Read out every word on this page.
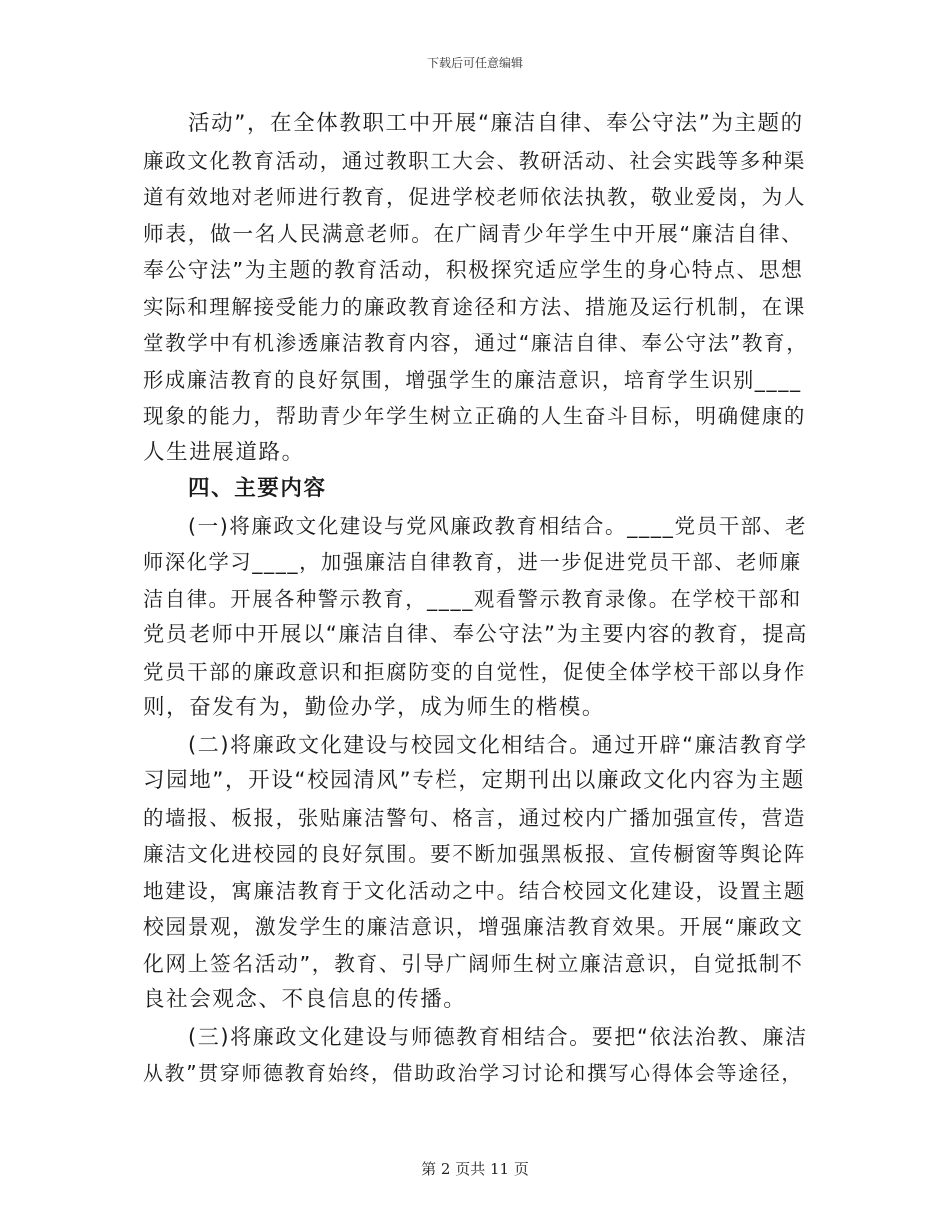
下载后可任意编辑
活动”，在全体教职工中开展“廉洁自律、奉公守法”为主题的
廉政文化教育活动，通过教职工大会、教研活动、社会实践等多种渠
道有效地对老师进行教育，促进学校老师依法执教，敬业爱岗，为人
师表，做一名人民满意老师。在广阔青少年学生中开展“廉洁自律、
奉公守法”为主题的教育活动，积极探究适应学生的身心特点、思想
实际和理解接受能力的廉政教育途径和方法、措施及运行机制，在课
堂教学中有机渗透廉洁教育内容，通过“廉洁自律、奉公守法”教育，
形成廉洁教育的良好氛围，增强学生的廉洁意识，培育学生识别____
现象的能力，帮助青少年学生树立正确的人生奋斗目标，明确健康的
人生进展道路。
四、主要内容
(一)将廉政文化建设与党风廉政教育相结合。____党员干部、老
师深化学习____，加强廉洁自律教育，进一步促进党员干部、老师廉
洁自律。开展各种警示教育，____观看警示教育录像。在学校干部和
党员老师中开展以“廉洁自律、奉公守法”为主要内容的教育，提高
党员干部的廉政意识和拒腐防变的自觉性，促使全体学校干部以身作
则，奋发有为，勤俭办学，成为师生的楷模。
(二)将廉政文化建设与校园文化相结合。通过开辟“廉洁教育学
习园地”，开设“校园清风”专栏，定期刊出以廉政文化内容为主题
的墙报、板报，张贴廉洁警句、格言，通过校内广播加强宣传，营造
廉洁文化进校园的良好氛围。要不断加强黑板报、宣传橱窗等舆论阵
地建设，寓廉洁教育于文化活动之中。结合校园文化建设，设置主题
校园景观，激发学生的廉洁意识，增强廉洁教育效果。开展“廉政文
化网上签名活动”，教育、引导广阔师生树立廉洁意识，自觉抵制不
良社会观念、不良信息的传播。
(三)将廉政文化建设与师德教育相结合。要把“依法治教、廉洁
从教”贯穿师德教育始终，借助政治学习讨论和撰写心得体会等途径，
第 2 页共 11 页
